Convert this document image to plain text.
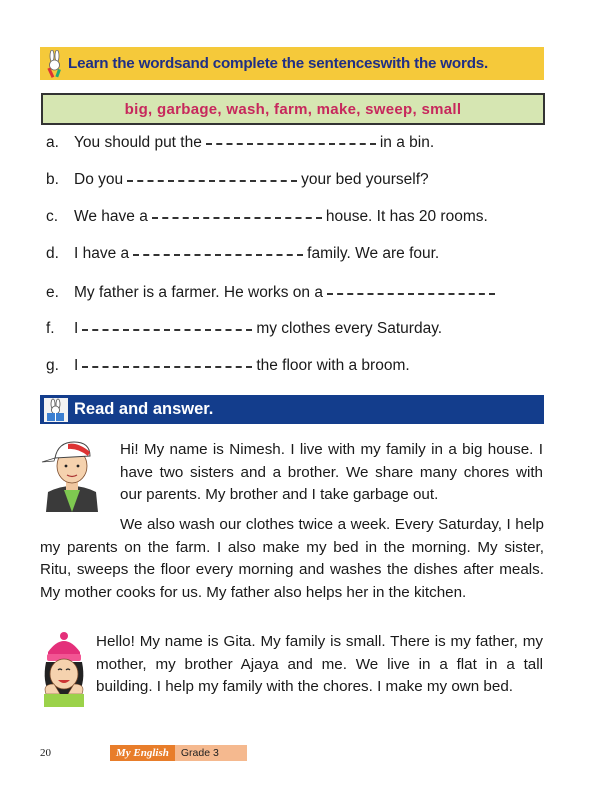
Learn the wordsand complete the sentenceswith the words.
big, garbage, wash, farm, make, sweep, small
a. You should put the	in a bin.
b. Do you	your bed yourself?
c.	We have a	house. It has 20 rooms.
d. I have a	family. We are four.
e. My father is a farmer. He works on a
f.	I	my clothes every Saturday.
g. I	the floor with a broom.
Read and answer.
Hi! My name is Nimesh. I live with my family in a big house. I have two sisters and a brother. We share many chores with our parents. My brother and I take garbage out.
We also wash our clothes twice a week. Every Saturday, I help my parents on the farm. I also make my bed in the morning. My sister, Ritu, sweeps the floor every morning and washes the dishes after meals. My mother cooks for us. My father also helps her in the kitchen.
Hello! My name is Gita. My family is small. There is my father, my mother, my brother Ajaya and me. We live in a flat in a tall building. I help my family with the chores. I make my own bed.
20	My English	Grade 3
